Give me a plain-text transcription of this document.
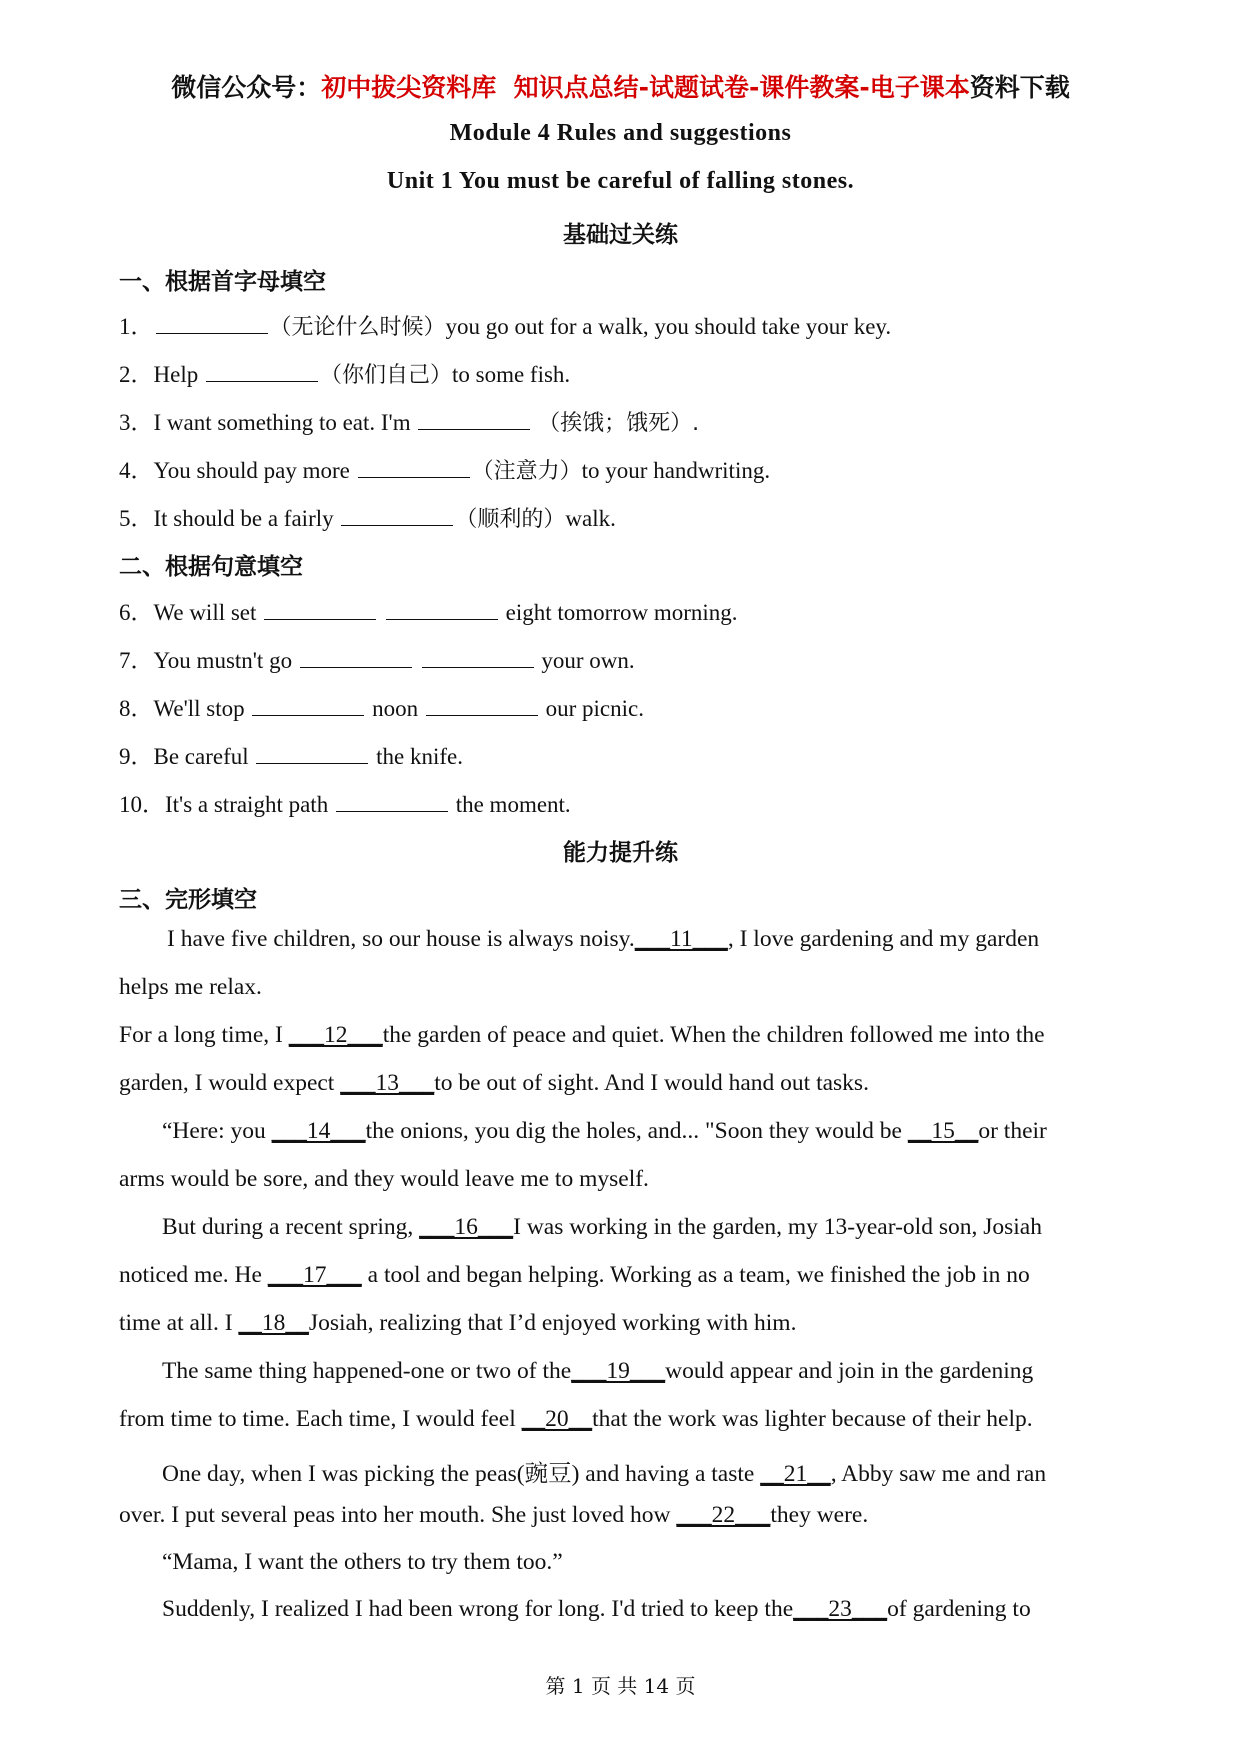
微信公众号：初中拔尖资料库 知识点总结-试题试卷-课件教案-电子课本资料下载
Module 4 Rules and suggestions
Unit 1 You must be careful of falling stones.
基础过关练
一、根据首字母填空
1．	（无论什么时候）you go out for a walk, you should take your key.
2．Help	（你们自己）to some fish.
3．I want something to eat. I'm	（挨饿；饿死）.
4．You should pay more	（注意力）to your handwriting.
5．It should be a fairly	（顺利的）walk.
二、根据句意填空
6．We will set	eight tomorrow morning.
7．You mustn't go	your own.
8．We'll stop	noon	our picnic.
9．Be careful	the knife.
10．It's a straight path	the moment.
能力提升练
三、完形填空
I have five children, so our house is always noisy.___11___, I love gardening and my garden
helps me relax.
For a long time, I ___12___the garden of peace and quiet. When the children followed me into the
garden, I would expect ___13___to be out of sight. And I would hand out tasks.
“Here: you ___14___the onions, you dig the holes, and... "Soon they would be __15__or their
arms would be sore, and they would leave me to myself.
But during a recent spring, ___16___I was working in the garden, my 13-year-old son, Josiah
noticed me. He ___17___ a tool and began helping. Working as a team, we finished the job in no
time at all. I __18__Josiah, realizing that I’d enjoyed working with him.
The same thing happened-one or two of the___19___would appear and join in the gardening
from time to time. Each time, I would feel __20__that the work was lighter because of their help.
One day, when I was picking the peas(豌豆) and having a taste __21__, Abby saw me and ran
over. I put several peas into her mouth. She just loved how ___22___they were.
“Mama, I want the others to try them too.”
Suddenly, I realized I had been wrong for long. I'd tried to keep the___23___of gardening to
第 1 页 共 14 页
